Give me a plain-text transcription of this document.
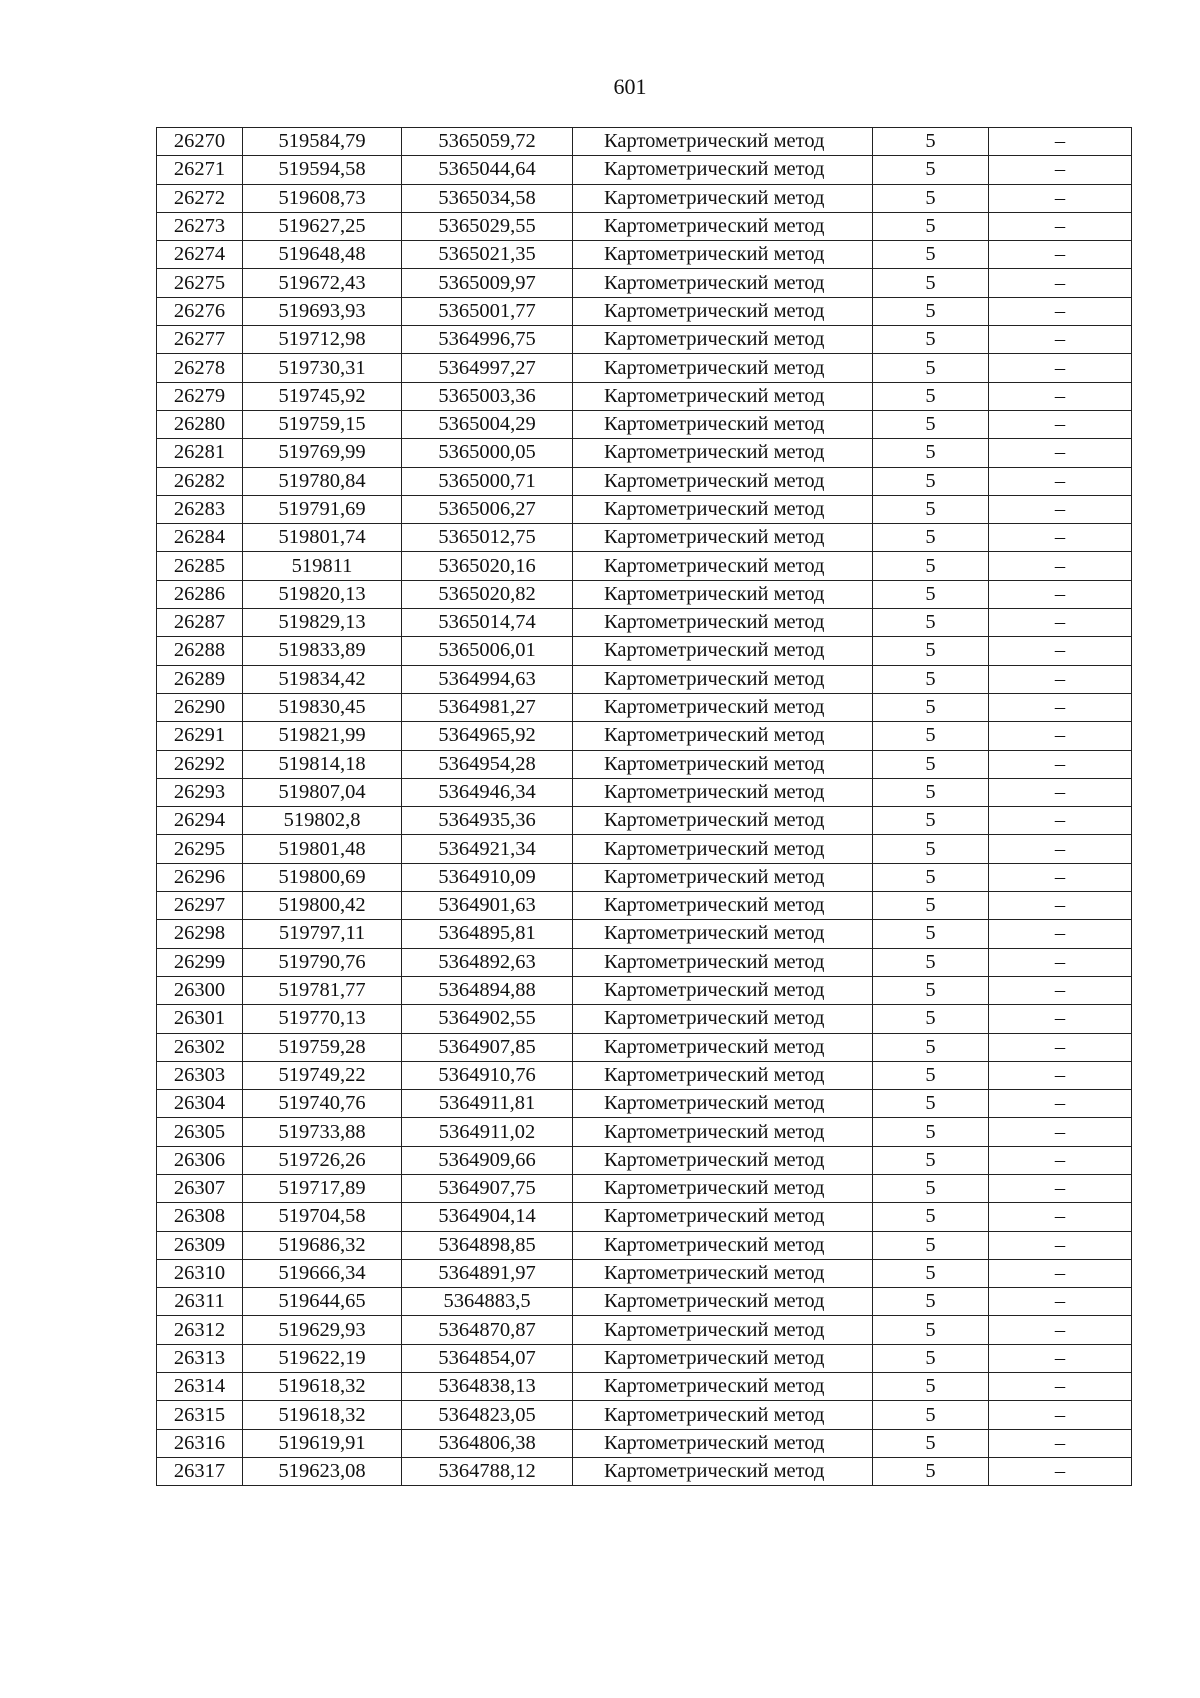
601
26270	519584,79	5365059,72	Картометрический метод	5	–
26271	519594,58	5365044,64	Картометрический метод	5	–
26272	519608,73	5365034,58	Картометрический метод	5	–
26273	519627,25	5365029,55	Картометрический метод	5	–
26274	519648,48	5365021,35	Картометрический метод	5	–
26275	519672,43	5365009,97	Картометрический метод	5	–
26276	519693,93	5365001,77	Картометрический метод	5	–
26277	519712,98	5364996,75	Картометрический метод	5	–
26278	519730,31	5364997,27	Картометрический метод	5	–
26279	519745,92	5365003,36	Картометрический метод	5	–
26280	519759,15	5365004,29	Картометрический метод	5	–
26281	519769,99	5365000,05	Картометрический метод	5	–
26282	519780,84	5365000,71	Картометрический метод	5	–
26283	519791,69	5365006,27	Картометрический метод	5	–
26284	519801,74	5365012,75	Картометрический метод	5	–
26285	519811	5365020,16	Картометрический метод	5	–
26286	519820,13	5365020,82	Картометрический метод	5	–
26287	519829,13	5365014,74	Картометрический метод	5	–
26288	519833,89	5365006,01	Картометрический метод	5	–
26289	519834,42	5364994,63	Картометрический метод	5	–
26290	519830,45	5364981,27	Картометрический метод	5	–
26291	519821,99	5364965,92	Картометрический метод	5	–
26292	519814,18	5364954,28	Картометрический метод	5	–
26293	519807,04	5364946,34	Картометрический метод	5	–
26294	519802,8	5364935,36	Картометрический метод	5	–
26295	519801,48	5364921,34	Картометрический метод	5	–
26296	519800,69	5364910,09	Картометрический метод	5	–
26297	519800,42	5364901,63	Картометрический метод	5	–
26298	519797,11	5364895,81	Картометрический метод	5	–
26299	519790,76	5364892,63	Картометрический метод	5	–
26300	519781,77	5364894,88	Картометрический метод	5	–
26301	519770,13	5364902,55	Картометрический метод	5	–
26302	519759,28	5364907,85	Картометрический метод	5	–
26303	519749,22	5364910,76	Картометрический метод	5	–
26304	519740,76	5364911,81	Картометрический метод	5	–
26305	519733,88	5364911,02	Картометрический метод	5	–
26306	519726,26	5364909,66	Картометрический метод	5	–
26307	519717,89	5364907,75	Картометрический метод	5	–
26308	519704,58	5364904,14	Картометрический метод	5	–
26309	519686,32	5364898,85	Картометрический метод	5	–
26310	519666,34	5364891,97	Картометрический метод	5	–
26311	519644,65	5364883,5	Картометрический метод	5	–
26312	519629,93	5364870,87	Картометрический метод	5	–
26313	519622,19	5364854,07	Картометрический метод	5	–
26314	519618,32	5364838,13	Картометрический метод	5	–
26315	519618,32	5364823,05	Картометрический метод	5	–
26316	519619,91	5364806,38	Картометрический метод	5	–
26317	519623,08	5364788,12	Картометрический метод	5	–
